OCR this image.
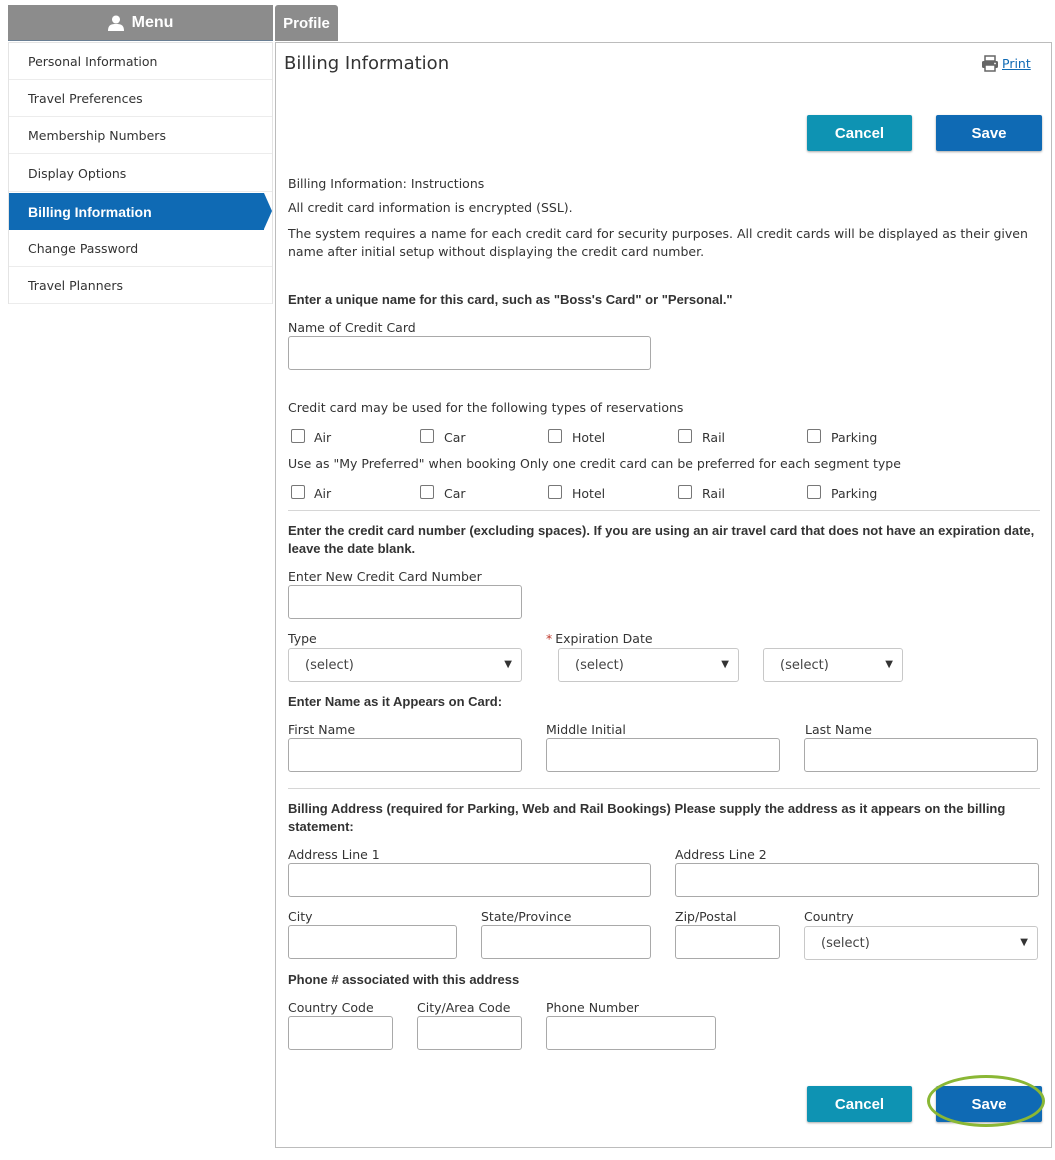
Menu	Profile
Personal Information
Travel Preferences
Membership Numbers
Display Options
Billing Information
Change Password
Travel Planners
Billing Information	Print
Cancel	Save
Billing Information: Instructions
All credit card information is encrypted (SSL).
The system requires a name for each credit card for security purposes. All credit cards will be displayed as their given name after initial setup without displaying the credit card number.
Enter a unique name for this card, such as "Boss's Card" or "Personal."
Name of Credit Card
Credit card may be used for the following types of reservations
Air	Car	Hotel	Rail	Parking
Use as "My Preferred" when booking Only one credit card can be preferred for each segment type
Air	Car	Hotel	Rail	Parking
Enter the credit card number (excluding spaces). If you are using an air travel card that does not have an expiration date, leave the date blank.
Enter New Credit Card Number
Type	* Expiration Date
(select)	▼	(select)	▼	(select)	▼
Enter Name as it Appears on Card:
First Name	Middle Initial	Last Name
Billing Address (required for Parking, Web and Rail Bookings) Please supply the address as it appears on the billing statement:
Address Line 1	Address Line 2
City	State/Province	Zip/Postal	Country
(select)	▼
Phone # associated with this address
Country Code	City/Area Code	Phone Number
Cancel	Save
